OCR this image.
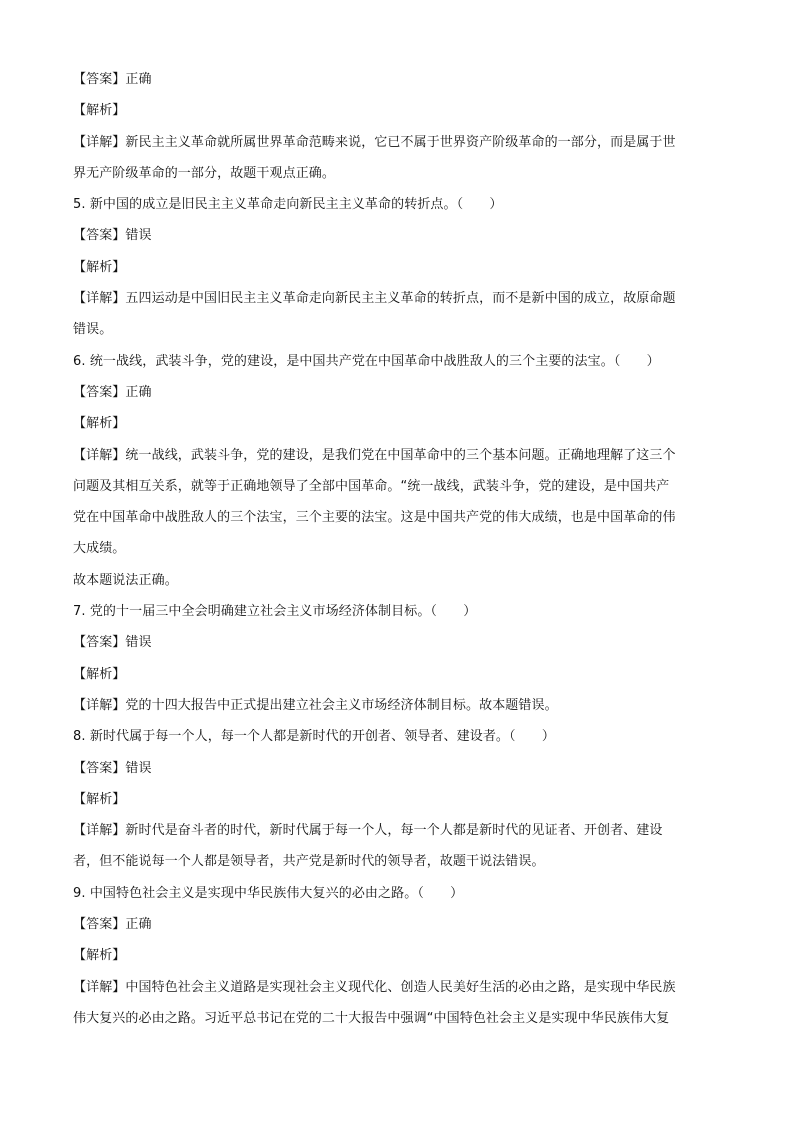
【答案】正确
【解析】
【详解】新民主主义革命就所属世界革命范畴来说，它已不属于世界资产阶级革命的一部分，而是属于世
界无产阶级革命的一部分，故题干观点正确。
5. 新中国的成立是旧民主主义革命走向新民主主义革命的转折点。（　　）
【答案】错误
【解析】
【详解】五四运动是中国旧民主主义革命走向新民主主义革命的转折点，而不是新中国的成立，故原命题
错误。
6. 统一战线，武装斗争，党的建设，是中国共产党在中国革命中战胜敌人的三个主要的法宝。（　　）
【答案】正确
【解析】
【详解】统一战线，武装斗争，党的建设，是我们党在中国革命中的三个基本问题。正确地理解了这三个
问题及其相互关系，就等于正确地领导了全部中国革命。“统一战线，武装斗争，党的建设，是中国共产
党在中国革命中战胜敌人的三个法宝，三个主要的法宝。这是中国共产党的伟大成绩，也是中国革命的伟
大成绩。
故本题说法正确。
7. 党的十一届三中全会明确建立社会主义市场经济体制目标。（　　）
【答案】错误
【解析】
【详解】党的十四大报告中正式提出建立社会主义市场经济体制目标。故本题错误。
8. 新时代属于每一个人，每一个人都是新时代的开创者、领导者、建设者。（　　）
【答案】错误
【解析】
【详解】新时代是奋斗者的时代，新时代属于每一个人，每一个人都是新时代的见证者、开创者、建设
者，但不能说每一个人都是领导者，共产党是新时代的领导者，故题干说法错误。
9. 中国特色社会主义是实现中华民族伟大复兴的必由之路。（　　）
【答案】正确
【解析】
【详解】中国特色社会主义道路是实现社会主义现代化、创造人民美好生活的必由之路，是实现中华民族
伟大复兴的必由之路。习近平总书记在党的二十大报告中强调“中国特色社会主义是实现中华民族伟大复
